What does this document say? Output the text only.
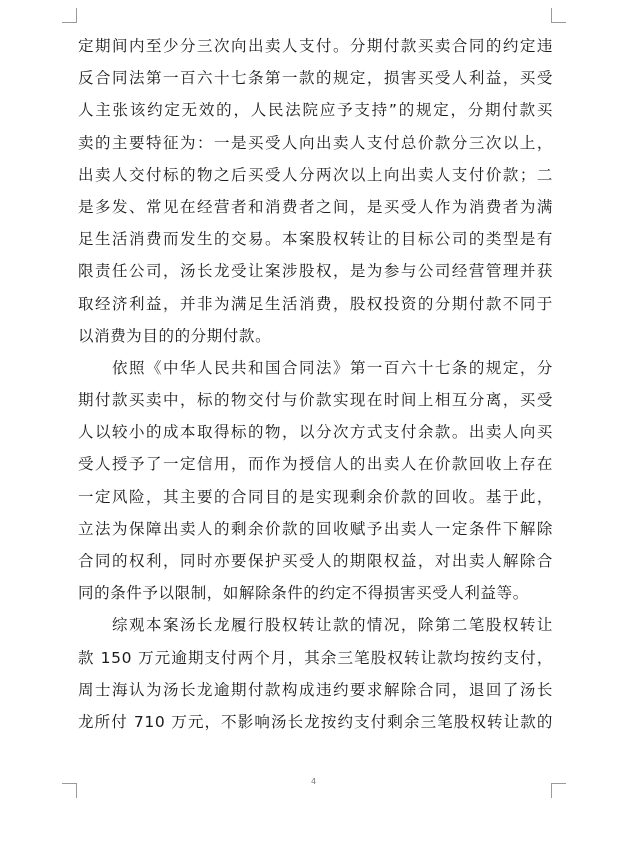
定期间内至少分三次向出卖人支付。分期付款买卖合同的约定违
反合同法第一百六十七条第一款的规定，损害买受人利益，买受
人主张该约定无效的，人民法院应予支持”的规定，分期付款买
卖的主要特征为：一是买受人向出卖人支付总价款分三次以上，
出卖人交付标的物之后买受人分两次以上向出卖人支付价款；二
是多发、常见在经营者和消费者之间，是买受人作为消费者为满
足生活消费而发生的交易。本案股权转让的目标公司的类型是有
限责任公司，汤长龙受让案涉股权，是为参与公司经营管理并获
取经济利益，并非为满足生活消费，股权投资的分期付款不同于
以消费为目的的分期付款。
依照《中华人民共和国合同法》第一百六十七条的规定，分
期付款买卖中，标的物交付与价款实现在时间上相互分离，买受
人以较小的成本取得标的物，以分次方式支付余款。出卖人向买
受人授予了一定信用，而作为授信人的出卖人在价款回收上存在
一定风险，其主要的合同目的是实现剩余价款的回收。基于此，
立法为保障出卖人的剩余价款的回收赋予出卖人一定条件下解除
合同的权利，同时亦要保护买受人的期限权益，对出卖人解除合
同的条件予以限制，如解除条件的约定不得损害买受人利益等。
综观本案汤长龙履行股权转让款的情况，除第二笔股权转让
款 150 万元逾期支付两个月，其余三笔股权转让款均按约支付，
周士海认为汤长龙逾期付款构成违约要求解除合同，退回了汤长
龙所付 710 万元，不影响汤长龙按约支付剩余三笔股权转让款的
4
